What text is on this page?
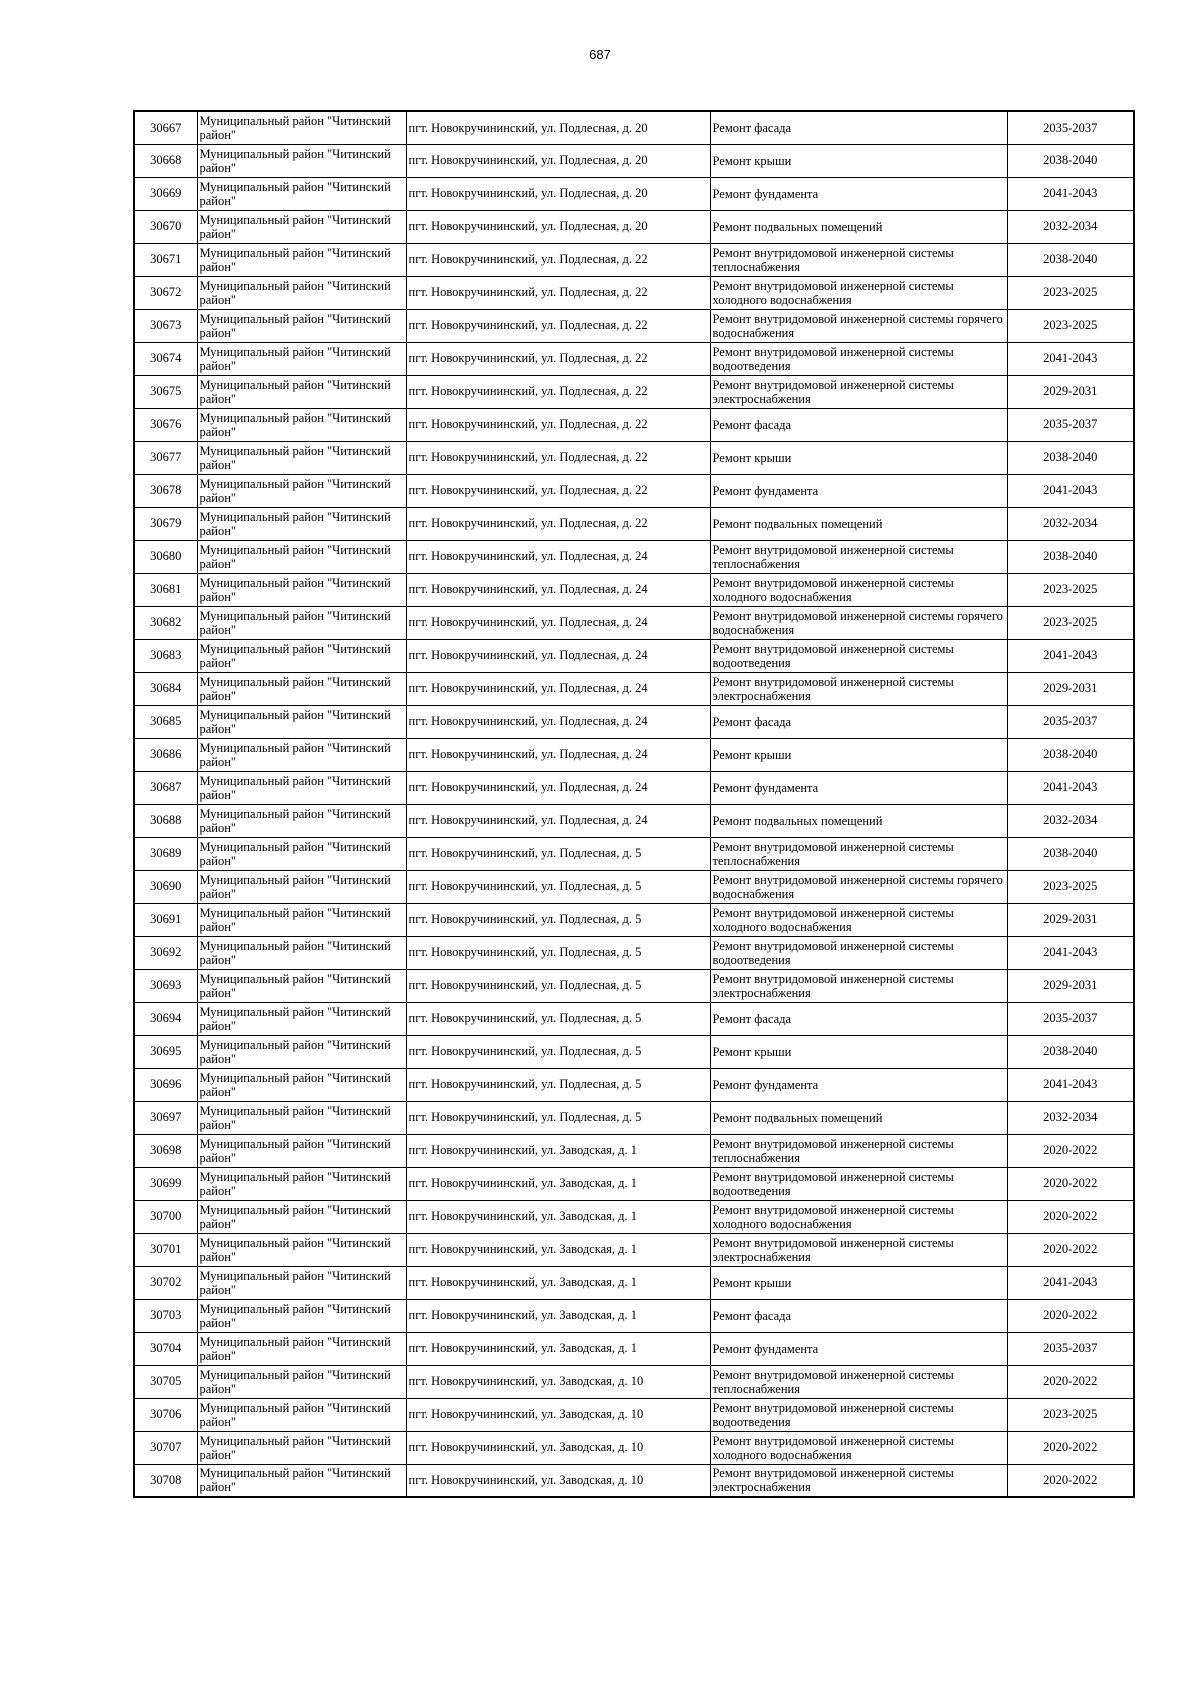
687
30667	Муниципальный район "Читинский район"	пгт. Новокручининский, ул. Подлесная, д. 20	Ремонт фасада	2035-2037
30668	Муниципальный район "Читинский район"	пгт. Новокручининский, ул. Подлесная, д. 20	Ремонт крыши	2038-2040
30669	Муниципальный район "Читинский район"	пгт. Новокручининский, ул. Подлесная, д. 20	Ремонт фундамента	2041-2043
30670	Муниципальный район "Читинский район"	пгт. Новокручининский, ул. Подлесная, д. 20	Ремонт подвальных помещений	2032-2034
30671	Муниципальный район "Читинский район"	пгт. Новокручининский, ул. Подлесная, д. 22	Ремонт внутридомовой инженерной системы теплоснабжения	2038-2040
30672	Муниципальный район "Читинский район"	пгт. Новокручининский, ул. Подлесная, д. 22	Ремонт внутридомовой инженерной системы холодного водоснабжения	2023-2025
30673	Муниципальный район "Читинский район"	пгт. Новокручининский, ул. Подлесная, д. 22	Ремонт внутридомовой инженерной системы горячего водоснабжения	2023-2025
30674	Муниципальный район "Читинский район"	пгт. Новокручининский, ул. Подлесная, д. 22	Ремонт внутридомовой инженерной системы водоотведения	2041-2043
30675	Муниципальный район "Читинский район"	пгт. Новокручининский, ул. Подлесная, д. 22	Ремонт внутридомовой инженерной системы электроснабжения	2029-2031
30676	Муниципальный район "Читинский район"	пгт. Новокручининский, ул. Подлесная, д. 22	Ремонт фасада	2035-2037
30677	Муниципальный район "Читинский район"	пгт. Новокручининский, ул. Подлесная, д. 22	Ремонт крыши	2038-2040
30678	Муниципальный район "Читинский район"	пгт. Новокручининский, ул. Подлесная, д. 22	Ремонт фундамента	2041-2043
30679	Муниципальный район "Читинский район"	пгт. Новокручининский, ул. Подлесная, д. 22	Ремонт подвальных помещений	2032-2034
30680	Муниципальный район "Читинский район"	пгт. Новокручининский, ул. Подлесная, д. 24	Ремонт внутридомовой инженерной системы теплоснабжения	2038-2040
30681	Муниципальный район "Читинский район"	пгт. Новокручининский, ул. Подлесная, д. 24	Ремонт внутридомовой инженерной системы холодного водоснабжения	2023-2025
30682	Муниципальный район "Читинский район"	пгт. Новокручининский, ул. Подлесная, д. 24	Ремонт внутридомовой инженерной системы горячего водоснабжения	2023-2025
30683	Муниципальный район "Читинский район"	пгт. Новокручининский, ул. Подлесная, д. 24	Ремонт внутридомовой инженерной системы водоотведения	2041-2043
30684	Муниципальный район "Читинский район"	пгт. Новокручининский, ул. Подлесная, д. 24	Ремонт внутридомовой инженерной системы электроснабжения	2029-2031
30685	Муниципальный район "Читинский район"	пгт. Новокручининский, ул. Подлесная, д. 24	Ремонт фасада	2035-2037
30686	Муниципальный район "Читинский район"	пгт. Новокручининский, ул. Подлесная, д. 24	Ремонт крыши	2038-2040
30687	Муниципальный район "Читинский район"	пгт. Новокручининский, ул. Подлесная, д. 24	Ремонт фундамента	2041-2043
30688	Муниципальный район "Читинский район"	пгт. Новокручининский, ул. Подлесная, д. 24	Ремонт подвальных помещений	2032-2034
30689	Муниципальный район "Читинский район"	пгт. Новокручининский, ул. Подлесная, д. 5	Ремонт внутридомовой инженерной системы теплоснабжения	2038-2040
30690	Муниципальный район "Читинский район"	пгт. Новокручининский, ул. Подлесная, д. 5	Ремонт внутридомовой инженерной системы горячего водоснабжения	2023-2025
30691	Муниципальный район "Читинский район"	пгт. Новокручининский, ул. Подлесная, д. 5	Ремонт внутридомовой инженерной системы холодного водоснабжения	2029-2031
30692	Муниципальный район "Читинский район"	пгт. Новокручининский, ул. Подлесная, д. 5	Ремонт внутридомовой инженерной системы водоотведения	2041-2043
30693	Муниципальный район "Читинский район"	пгт. Новокручининский, ул. Подлесная, д. 5	Ремонт внутридомовой инженерной системы электроснабжения	2029-2031
30694	Муниципальный район "Читинский район"	пгт. Новокручининский, ул. Подлесная, д. 5	Ремонт фасада	2035-2037
30695	Муниципальный район "Читинский район"	пгт. Новокручининский, ул. Подлесная, д. 5	Ремонт крыши	2038-2040
30696	Муниципальный район "Читинский район"	пгт. Новокручининский, ул. Подлесная, д. 5	Ремонт фундамента	2041-2043
30697	Муниципальный район "Читинский район"	пгт. Новокручининский, ул. Подлесная, д. 5	Ремонт подвальных помещений	2032-2034
30698	Муниципальный район "Читинский район"	пгт. Новокручининский, ул. Заводская, д. 1	Ремонт внутридомовой инженерной системы теплоснабжения	2020-2022
30699	Муниципальный район "Читинский район"	пгт. Новокручининский, ул. Заводская, д. 1	Ремонт внутридомовой инженерной системы водоотведения	2020-2022
30700	Муниципальный район "Читинский район"	пгт. Новокручининский, ул. Заводская, д. 1	Ремонт внутридомовой инженерной системы холодного водоснабжения	2020-2022
30701	Муниципальный район "Читинский район"	пгт. Новокручининский, ул. Заводская, д. 1	Ремонт внутридомовой инженерной системы электроснабжения	2020-2022
30702	Муниципальный район "Читинский район"	пгт. Новокручининский, ул. Заводская, д. 1	Ремонт крыши	2041-2043
30703	Муниципальный район "Читинский район"	пгт. Новокручининский, ул. Заводская, д. 1	Ремонт фасада	2020-2022
30704	Муниципальный район "Читинский район"	пгт. Новокручининский, ул. Заводская, д. 1	Ремонт фундамента	2035-2037
30705	Муниципальный район "Читинский район"	пгт. Новокручининский, ул. Заводская, д. 10	Ремонт внутридомовой инженерной системы теплоснабжения	2020-2022
30706	Муниципальный район "Читинский район"	пгт. Новокручининский, ул. Заводская, д. 10	Ремонт внутридомовой инженерной системы водоотведения	2023-2025
30707	Муниципальный район "Читинский район"	пгт. Новокручининский, ул. Заводская, д. 10	Ремонт внутридомовой инженерной системы холодного водоснабжения	2020-2022
30708	Муниципальный район "Читинский район"	пгт. Новокручининский, ул. Заводская, д. 10	Ремонт внутридомовой инженерной системы электроснабжения	2020-2022
